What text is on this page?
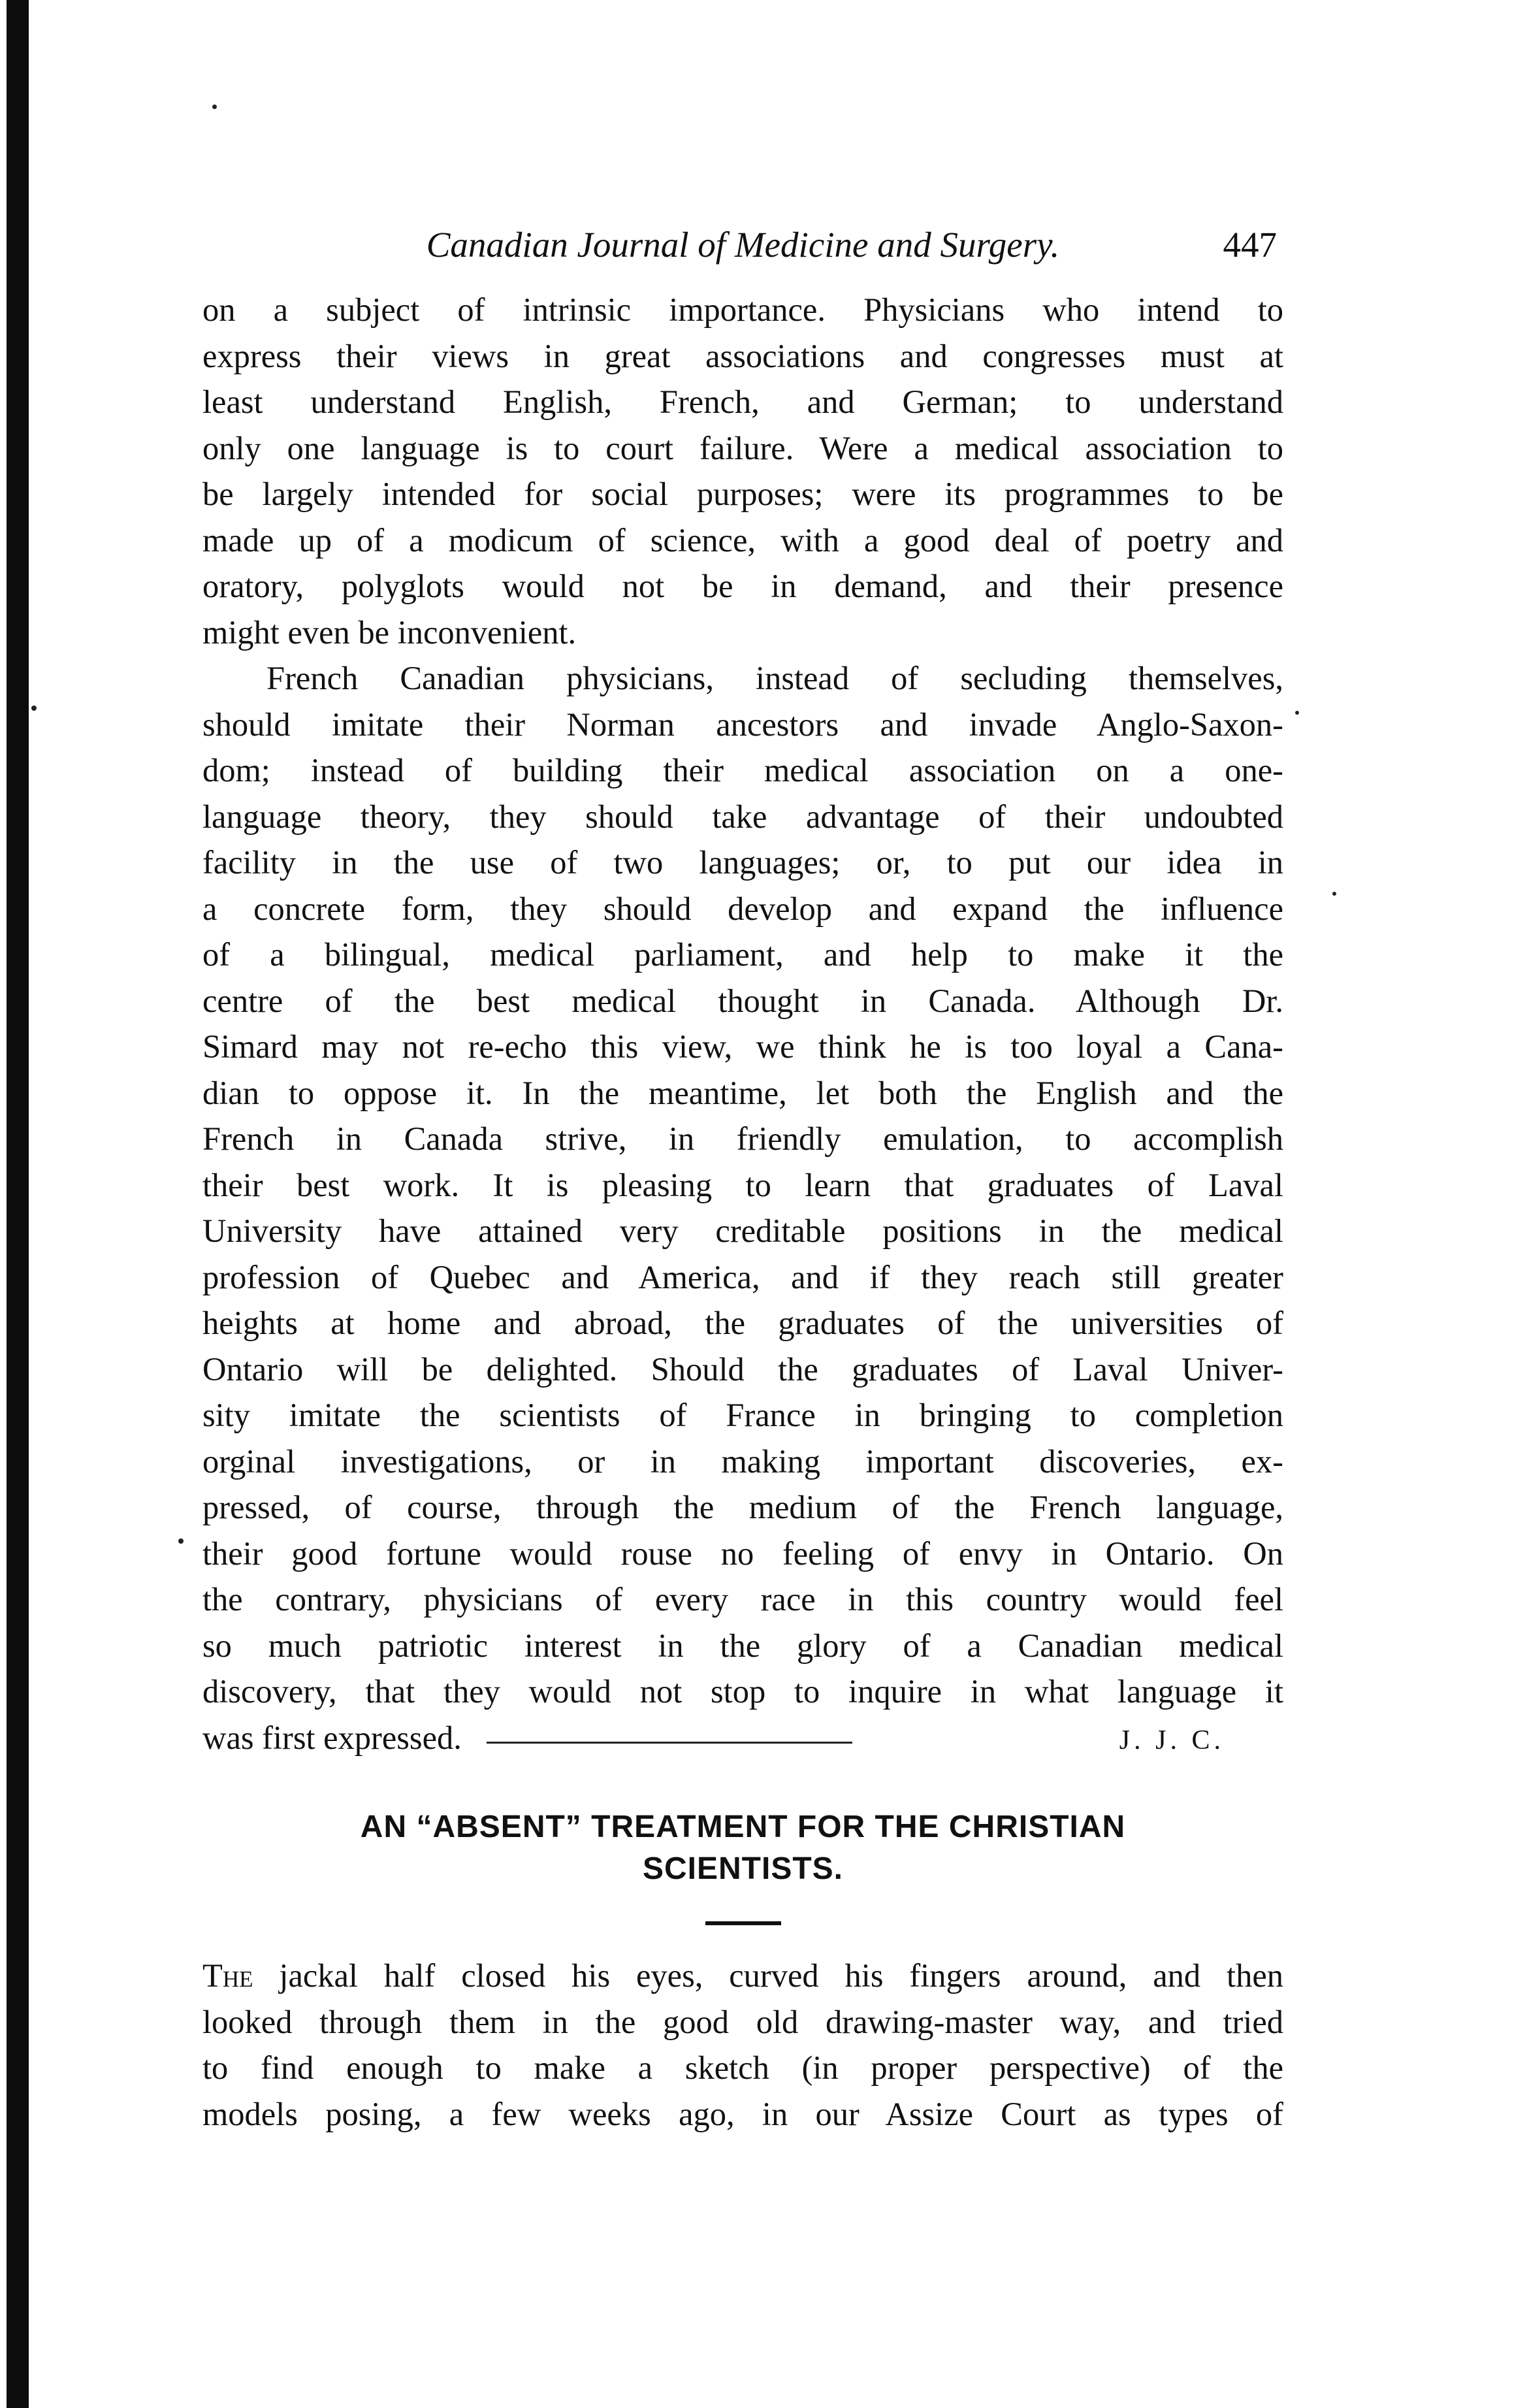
Canadian Journal of Medicine and Surgery.	447
on a subject of intrinsic importance. Physicians who intend to
express their views in great associations and congresses must at
least understand English, French, and German; to understand
only one language is to court failure. Were a medical association to
be largely intended for social purposes; were its programmes to be
made up of a modicum of science, with a good deal of poetry and
oratory, polyglots would not be in demand, and their presence
might even be inconvenient.
French Canadian physicians, instead of secluding themselves,
should imitate their Norman ancestors and invade Anglo-Saxon-
dom; instead of building their medical association on a one-
language theory, they should take advantage of their undoubted
facility in the use of two languages; or, to put our idea in
a concrete form, they should develop and expand the influence
of a bilingual, medical parliament, and help to make it the
centre of the best medical thought in Canada. Although Dr.
Simard may not re-echo this view, we think he is too loyal a Cana-
dian to oppose it. In the meantime, let both the English and the
French in Canada strive, in friendly emulation, to accomplish
their best work. It is pleasing to learn that graduates of Laval
University have attained very creditable positions in the medical
profession of Quebec and America, and if they reach still greater
heights at home and abroad, the graduates of the universities of
Ontario will be delighted. Should the graduates of Laval Univer-
sity imitate the scientists of France in bringing to completion
orginal investigations, or in making important discoveries, ex-
pressed, of course, through the medium of the French language,
their good fortune would rouse no feeling of envy in Ontario. On
the contrary, physicians of every race in this country would feel
so much patriotic interest in the glory of a Canadian medical
discovery, that they would not stop to inquire in what language it
was first expressed.	J. J. C.
AN “ABSENT” TREATMENT FOR THE CHRISTIAN
SCIENTISTS.
The jackal half closed his eyes, curved his fingers around, and then
looked through them in the good old drawing-master way, and tried
to find enough to make a sketch (in proper perspective) of the
models posing, a few weeks ago, in our Assize Court as types of
